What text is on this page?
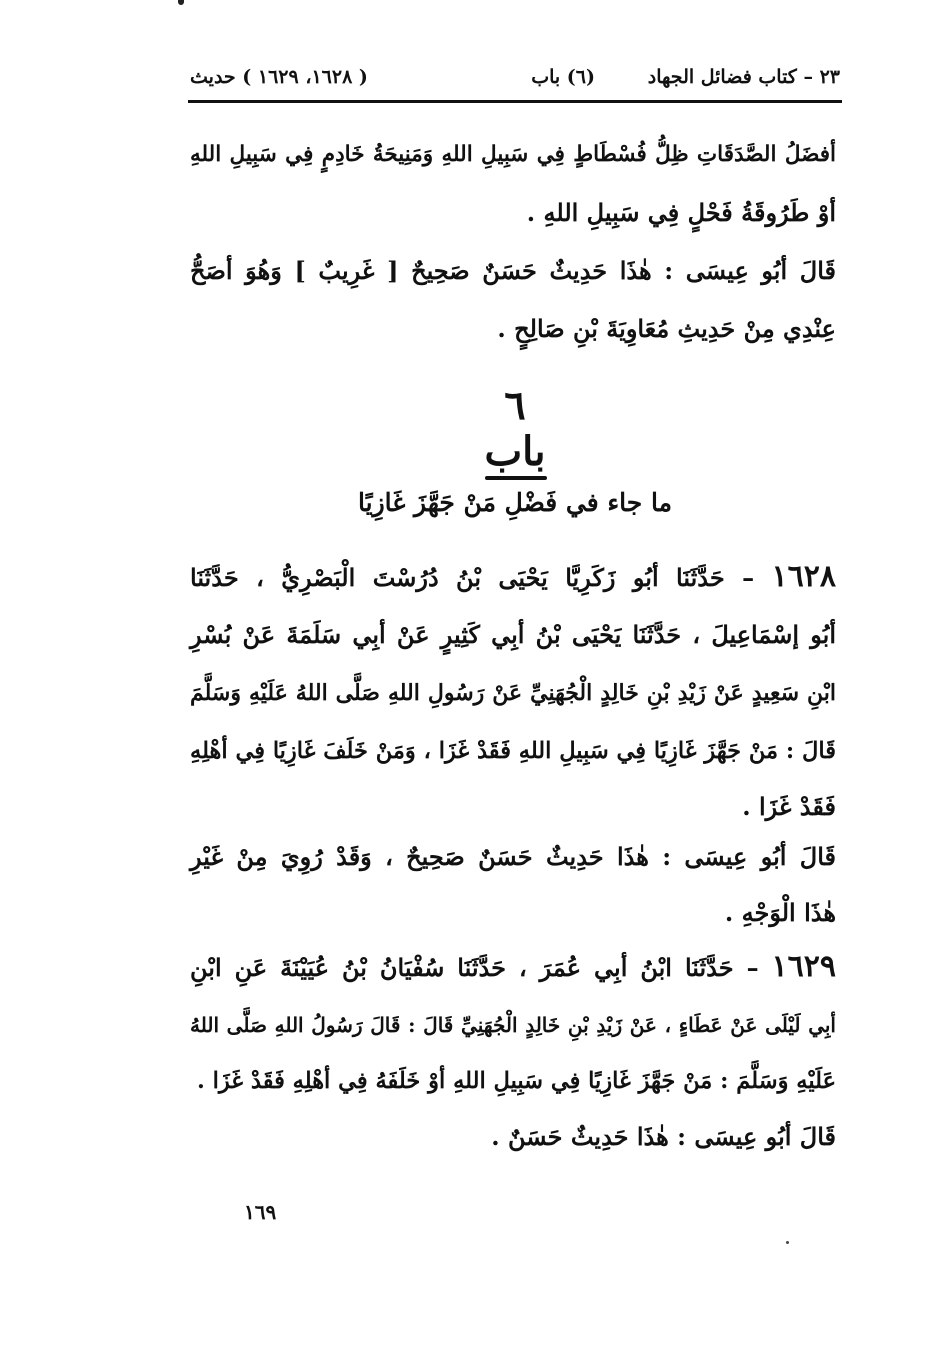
٢٣ – كتاب فضائل الجهاد
(٦) باب
( ١٦٢٨، ١٦٢٩ ) حديث
أفضَلُ الصَّدَقَاتِ ظِلُّ فُسْطَاطٍ فِي سَبِيلِ اللهِ وَمَنِيحَةُ خَادِمٍ فِي سَبِيلِ اللهِ
أوْ طَرُوقَةُ فَحْلٍ فِي سَبِيلِ اللهِ .
قَالَ أبُو عِيسَى : هٰذَا حَدِيثٌ حَسَنٌ صَحِيحٌ [ غَرِيبٌ ] وَهُوَ أصَحُّ
عِنْدِي مِنْ حَدِيثِ مُعَاوِيَةَ بْنِ صَالِحٍ .
٦
باب
ما جاء في فَضْلِ مَنْ جَهَّزَ غَازِيًا
١٦٢٨ – حَدَّثَنَا أبُو زَكَرِيَّا يَحْيَى بْنُ دُرُسْتَ الْبَصْرِيُّ ، حَدَّثَنَا
أبُو إسْمَاعِيلَ ، حَدَّثَنَا يَحْيَى بْنُ أبِي كَثِيرٍ عَنْ أبِي سَلَمَةَ عَنْ بُسْرِ
ابْنِ سَعِيدٍ عَنْ زَيْدِ بْنِ خَالِدٍ الْجُهَنِيِّ عَنْ رَسُولِ اللهِ صَلَّى اللهُ عَلَيْهِ وَسَلَّمَ
قَالَ : مَنْ جَهَّزَ غَازِيًا فِي سَبِيلِ اللهِ فَقَدْ غَزَا ، وَمَنْ خَلَفَ غَازِيًا فِي أهْلِهِ
فَقَدْ غَزَا .
قَالَ أبُو عِيسَى : هٰذَا حَدِيثٌ حَسَنٌ صَحِيحٌ ، وَقَدْ رُوِيَ مِنْ غَيْرِ
هٰذَا الْوَجْهِ .
١٦٢٩ – حَدَّثَنَا ابْنُ أبِي عُمَرَ ، حَدَّثَنَا سُفْيَانُ بْنُ عُيَيْنَةَ عَنِ ابْنِ
أبِي لَيْلَى عَنْ عَطَاءٍ ، عَنْ زَيْدِ بْنِ خَالِدٍ الْجُهَنِيِّ قَالَ : قَالَ رَسُولُ اللهِ صَلَّى اللهُ
عَلَيْهِ وَسَلَّمَ : مَنْ جَهَّزَ غَازِيًا فِي سَبِيلِ اللهِ أوْ خَلَفَهُ فِي أهْلِهِ فَقَدْ غَزَا .
قَالَ أبُو عِيسَى : هٰذَا حَدِيثٌ حَسَنٌ .
١٦٩
